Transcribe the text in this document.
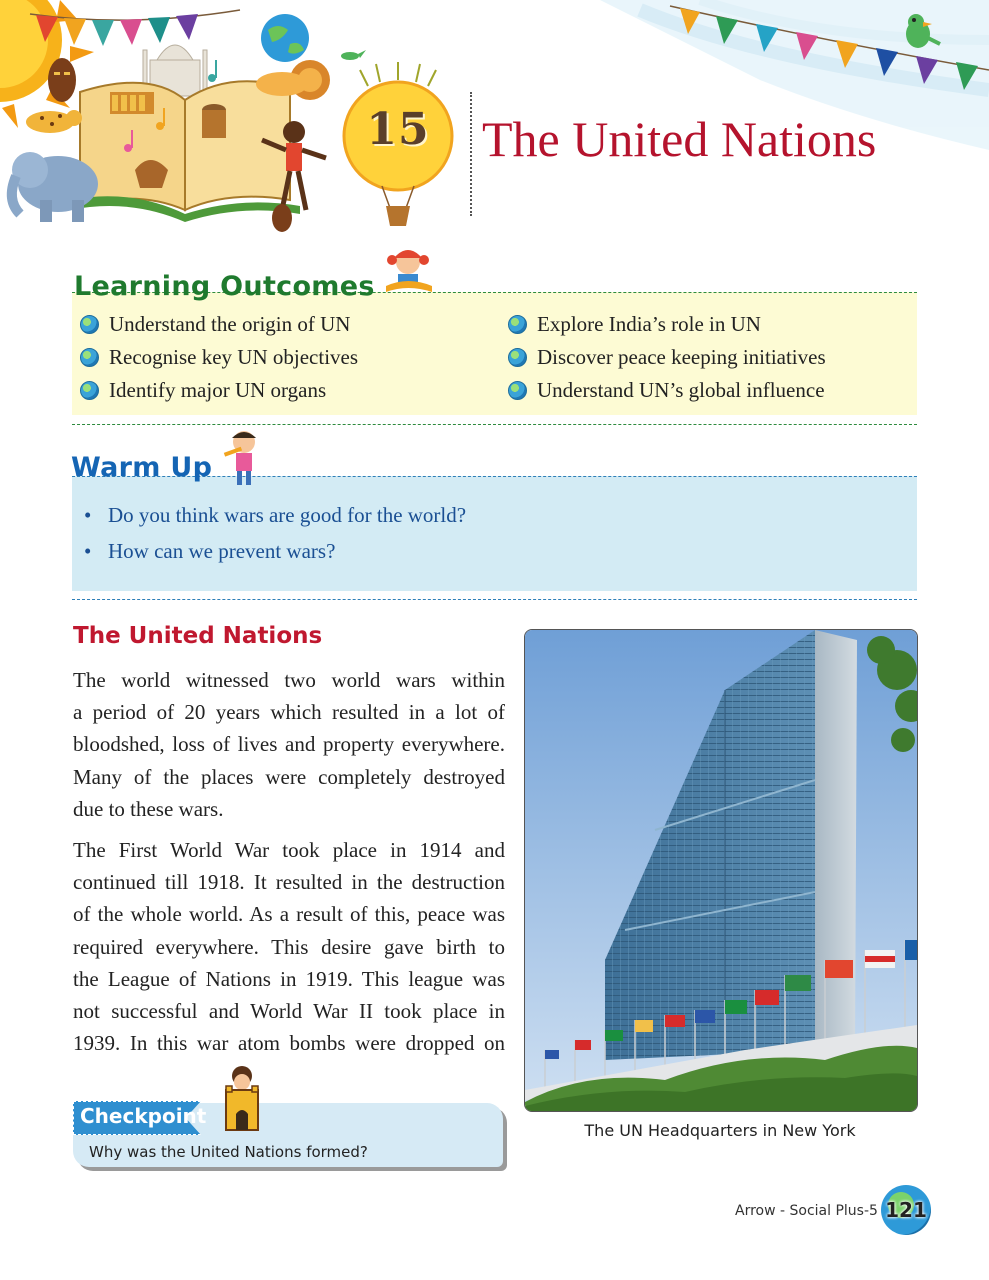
15	The United Nations
Learning Outcomes
Understand the origin of UN
Recognise key UN objectives
Identify major UN organs
Explore India’s role in UN
Discover peace keeping initiatives
Understand UN’s global influence
Warm Up
• Do you think wars are good for the world?
• How can we prevent wars?
The United Nations
The world witnessed two world wars within
a period of 20 years which resulted in a lot of
bloodshed, loss of lives and property everywhere.
Many of the places were completely destroyed
due to these wars.
The First World War took place in 1914 and
continued till 1918. It resulted in the destruction
of the whole world. As a result of this, peace was
required everywhere. This desire gave birth to
the League of Nations in 1919. This league was
not successful and World War II took place in
1939. In this war atom bombs were dropped on
The UN Headquarters in New York
Checkpoint
Why was the United Nations formed?
Arrow - Social Plus-5 121
